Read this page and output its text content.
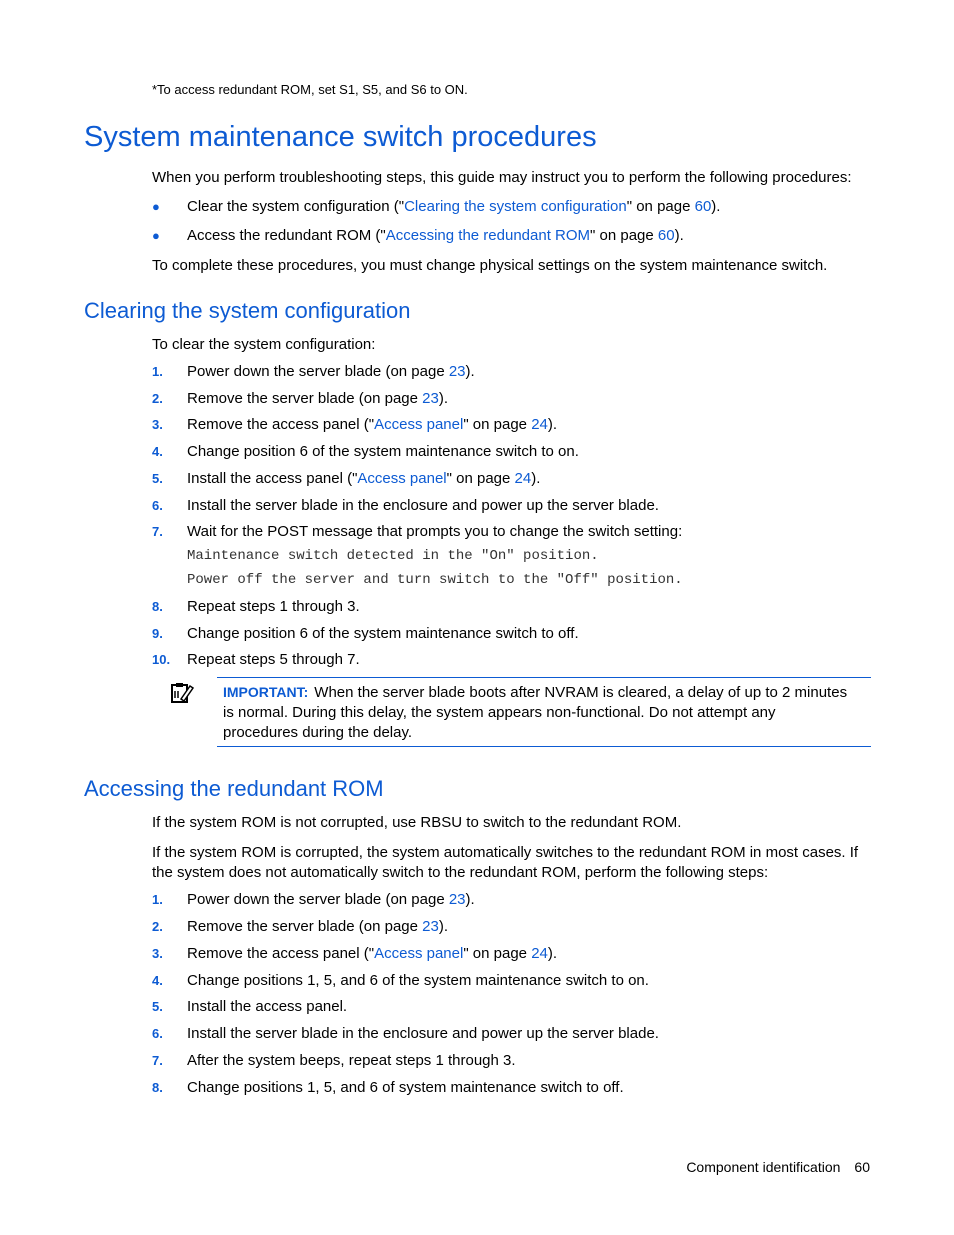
*To access redundant ROM, set S1, S5, and S6 to ON.
System maintenance switch procedures
When you perform troubleshooting steps, this guide may instruct you to perform the following procedures:
● Clear the system configuration ("Clearing the system configuration" on page 60).
● Access the redundant ROM ("Accessing the redundant ROM" on page 60).
To complete these procedures, you must change physical settings on the system maintenance switch.
Clearing the system configuration
To clear the system configuration:
1. Power down the server blade (on page 23).
2. Remove the server blade (on page 23).
3. Remove the access panel ("Access panel" on page 24).
4. Change position 6 of the system maintenance switch to on.
5. Install the access panel ("Access panel" on page 24).
6. Install the server blade in the enclosure and power up the server blade.
7. Wait for the POST message that prompts you to change the switch setting:
Maintenance switch detected in the "On" position.
Power off the server and turn switch to the "Off" position.
8. Repeat steps 1 through 3.
9. Change position 6 of the system maintenance switch to off.
10. Repeat steps 5 through 7.
IMPORTANT: When the server blade boots after NVRAM is cleared, a delay of up to 2 minutes is normal. During this delay, the system appears non-functional. Do not attempt any procedures during the delay.
Accessing the redundant ROM
If the system ROM is not corrupted, use RBSU to switch to the redundant ROM.
If the system ROM is corrupted, the system automatically switches to the redundant ROM in most cases. If the system does not automatically switch to the redundant ROM, perform the following steps:
1. Power down the server blade (on page 23).
2. Remove the server blade (on page 23).
3. Remove the access panel ("Access panel" on page 24).
4. Change positions 1, 5, and 6 of the system maintenance switch to on.
5. Install the access panel.
6. Install the server blade in the enclosure and power up the server blade.
7. After the system beeps, repeat steps 1 through 3.
8. Change positions 1, 5, and 6 of system maintenance switch to off.
Component identification 60
